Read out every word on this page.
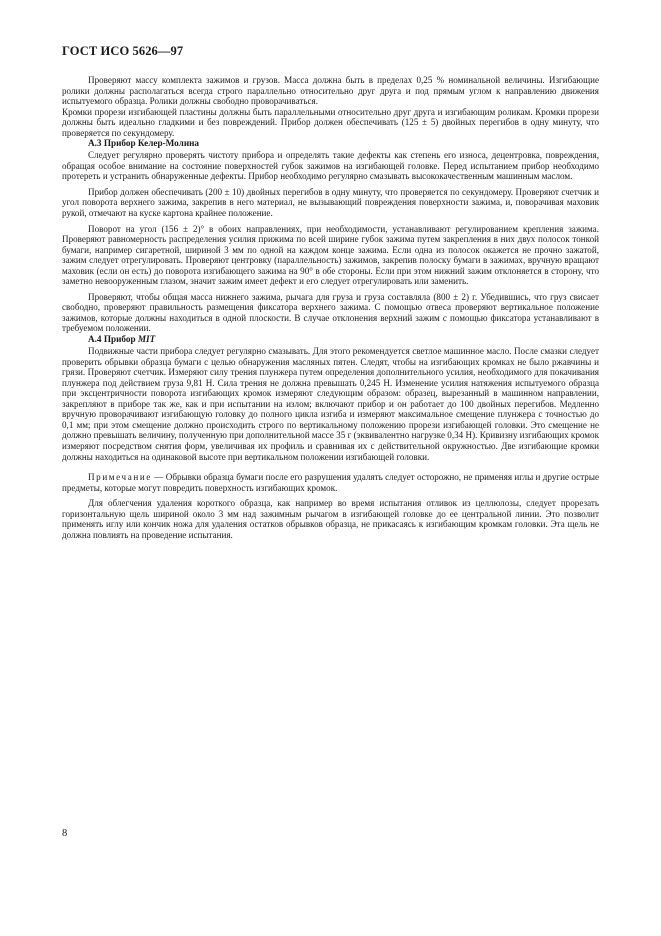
ГОСТ ИСО 5626—97

Проверяют массу комплекта зажимов и грузов. Масса должна быть в пределах 0,25 % номинальной величины. Изгибающие ролики должны располагаться всегда строго параллельно относительно друг друга и под прямым углом к направлению движения испытуемого образца. Ролики должны свободно проворачиваться.

Кромки прорези изгибающей пластины должны быть параллельными относительно друг друга и изгибающим роликам. Кромки прорези должны быть идеально гладкими и без повреждений. Прибор должен обеспечивать (125 ± 5) двойных перегибов в одну минуту, что проверяется по секундомеру.

А.3 Прибор Келер-Молина

Следует регулярно проверять чистоту прибора и определять такие дефекты как степень его износа, децентровка, повреждения, обращая особое внимание на состояние поверхностей губок зажимов на изгибающей головке. Перед испытанием прибор необходимо протереть и устранить обнаруженные дефекты. Прибор необходимо регулярно смазывать высококачественным машинным маслом.

Прибор должен обеспечивать (200 ± 10) двойных перегибов в одну минуту, что проверяется по секундомеру. Проверяют счетчик и угол поворота верхнего зажима, закрепив в него материал, не вызывающий повреждения поверхности зажима, и, поворачивая маховик рукой, отмечают на куске картона крайнее положение.

Поворот на угол (156 ± 2)° в обоих направлениях, при необходимости, устанавливают регулированием крепления зажима. Проверяют равномерность распределения усилия прижима по всей ширине губок зажима путем закрепления в них двух полосок тонкой бумаги, например сигаретной, шириной 3 мм по одной на каждом конце зажима. Если одна из полосок окажется не прочно зажатой, зажим следует отрегулировать. Проверяют центровку (параллельность) зажимов, закрепив полоску бумаги в зажимах, вручную вращают маховик (если он есть) до поворота изгибающего зажима на 90° в обе стороны. Если при этом нижний зажим отклоняется в сторону, что заметно невооруженным глазом, значит зажим имеет дефект и его следует отрегулировать или заменить.

Проверяют, чтобы общая масса нижнего зажима, рычага для груза и груза составляла (800 ± 2) г. Убедившись, что груз свисает свободно, проверяют правильность размещения фиксатора верхнего зажима. С помощью отвеса проверяют вертикальное положение зажимов, которые должны находиться в одной плоскости. В случае отклонения верхний зажим с помощью фиксатора устанавливают в требуемом положении.

А.4 Прибор MIT

Подвижные части прибора следует регулярно смазывать. Для этого рекомендуется светлое машинное масло. После смазки следует проверить обрывки образца бумаги с целью обнаружения масляных пятен. Следят, чтобы на изгибающих кромках не было ржавчины и грязи. Проверяют счетчик. Измеряют силу трения плунжера путем определения дополнительного усилия, необходимого для покачивания плунжера под действием груза 9,81 Н. Сила трения не должна превышать 0,245 Н. Изменение усилия натяжения испытуемого образца при эксцентричности поворота изгибающих кромок измеряют следующим образом: образец, вырезанный в машинном направлении, закрепляют в приборе так же, как и при испытании на излом; включают прибор и он работает до 100 двойных перегибов. Медленно вручную проворачивают изгибающую головку до полного цикла изгиба и измеряют максимальное смещение плунжера с точностью до 0,1 мм; при этом смещение должно происходить строго по вертикальному положению прорези изгибающей головки. Это смещение не должно превышать величину, полученную при дополнительной массе 35 г (эквивалентно нагрузке 0,34 Н). Кривизну изгибающих кромок измеряют посредством снятия форм, увеличивая их профиль и сравнивая их с действительной окружностью. Две изгибающие кромки должны находиться на одинаковой высоте при вертикальном положении изгибающей головки.

Примечание — Обрывки образца бумаги после его разрушения удалять следует осторожно, не применяя иглы и другие острые предметы, которые могут повредить поверхность изгибающих кромок.

Для облегчения удаления короткого образца, как например во время испытания отливок из целлюлозы, следует прорезать горизонтальную щель шириной около 3 мм над зажимным рычагом в изгибающей головке до ее центральной линии. Это позволит применять иглу или кончик ножа для удаления остатков обрывков образца, не прикасаясь к изгибающим кромкам головки. Эта щель не должна повлиять на проведение испытания.

8
